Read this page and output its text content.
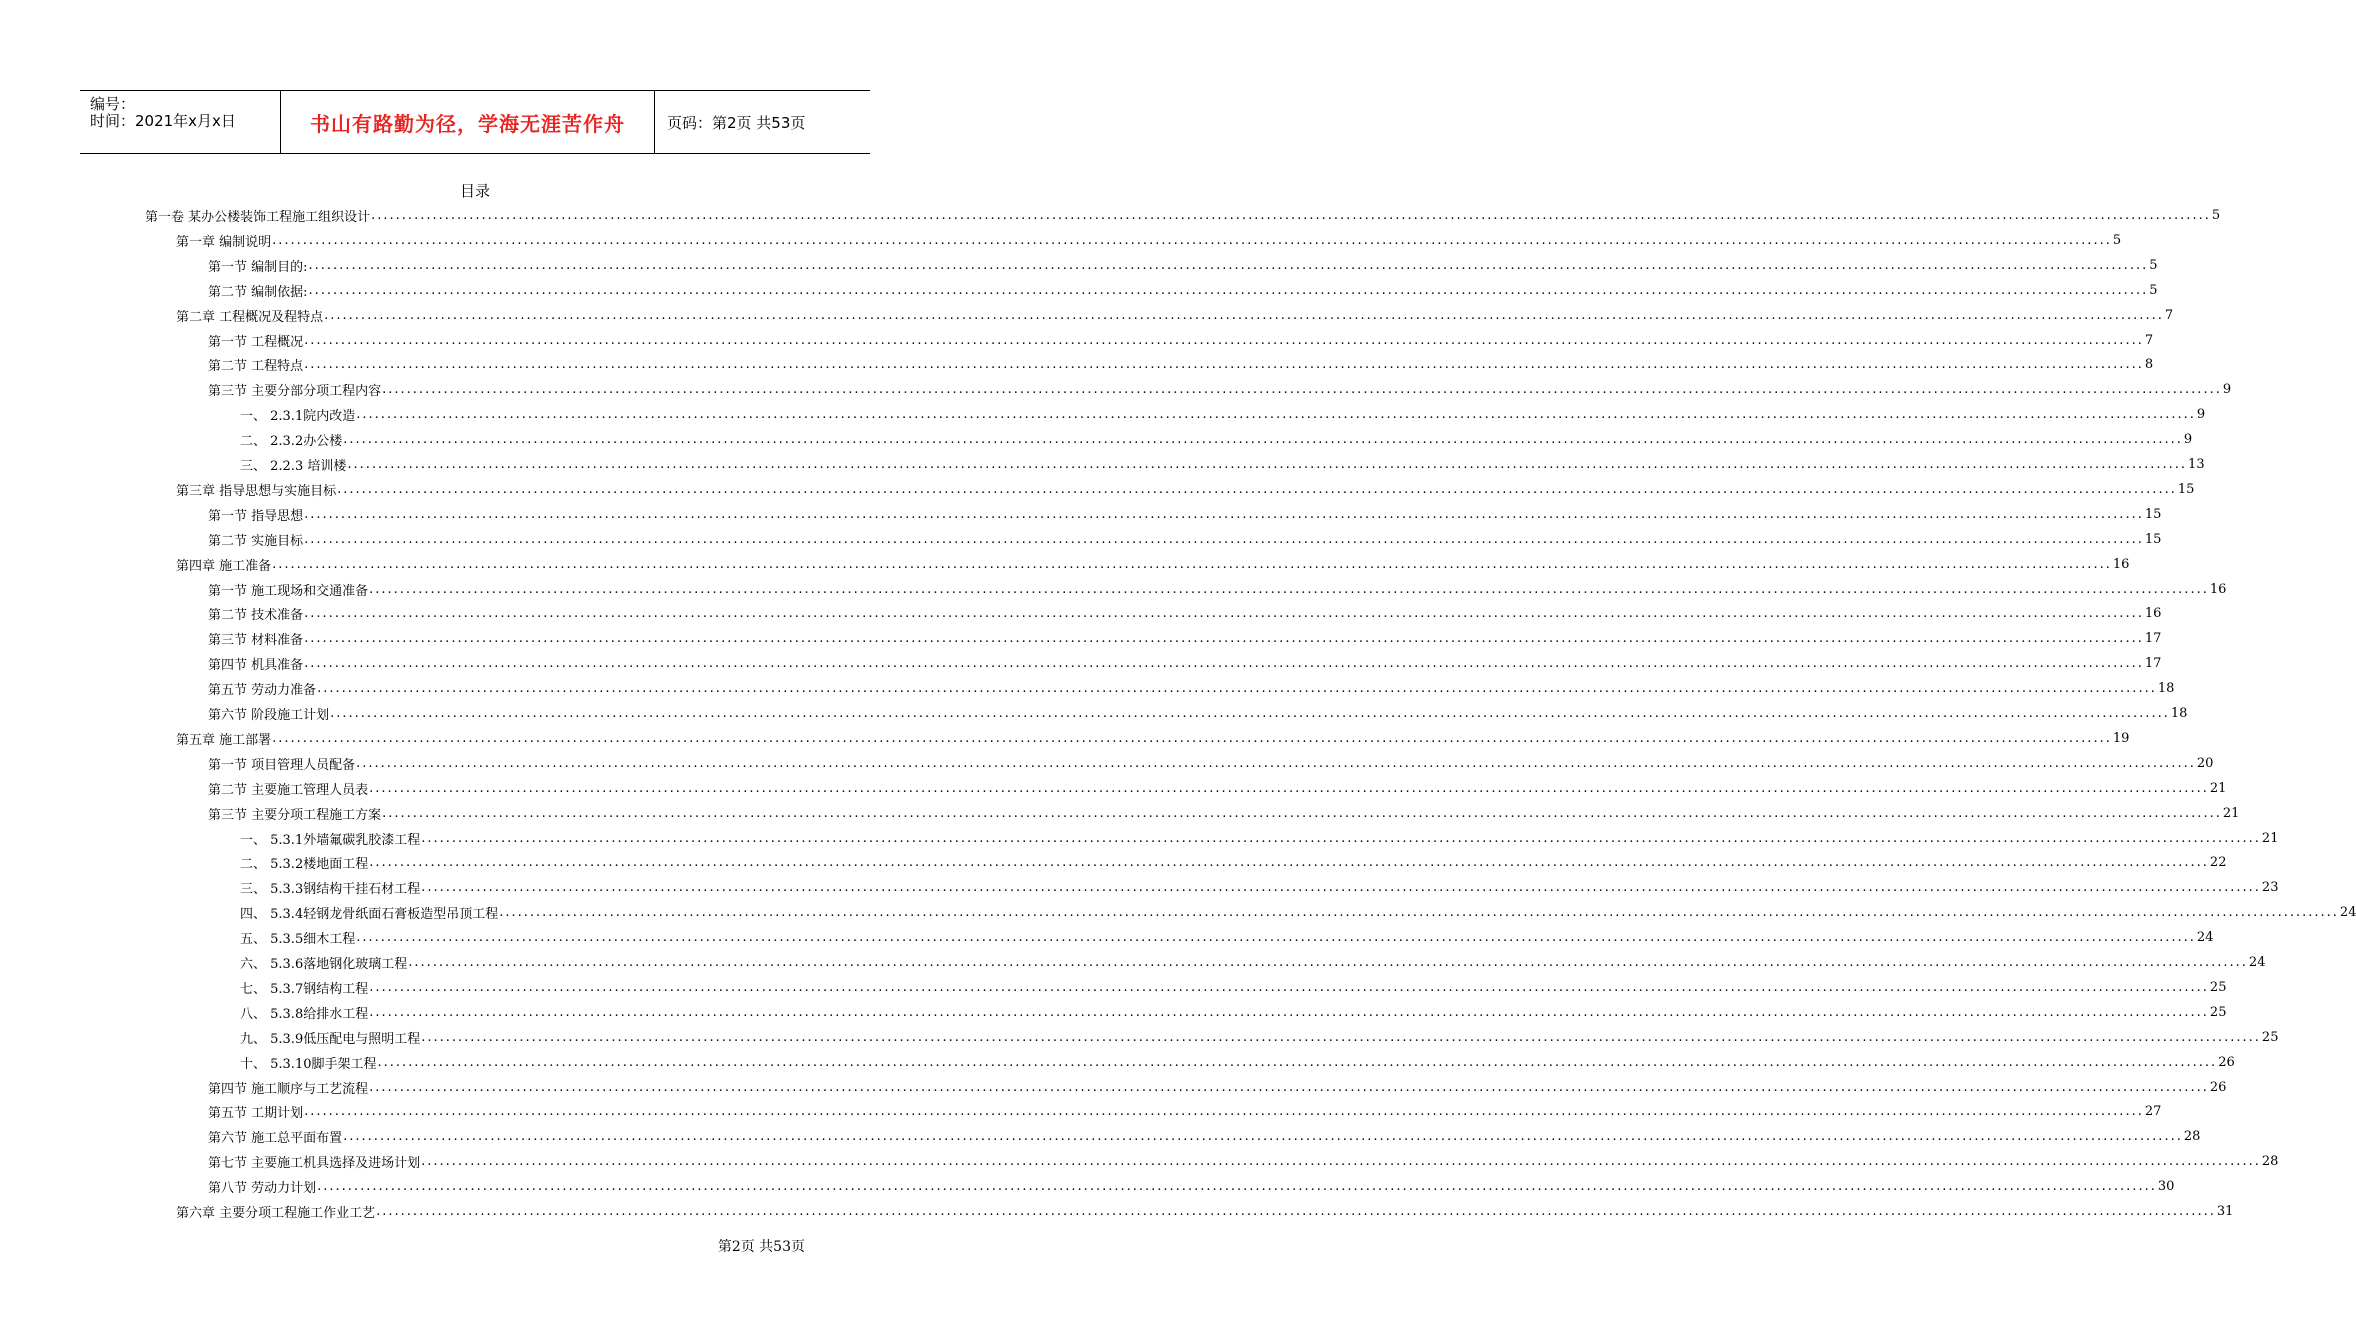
编号：
时间：2021年x月x日	书山有路勤为径，学海无涯苦作舟	页码：第2页 共53页
目录
第一卷 某办公楼装饰工程施工组织设计 ............................................................................................................................................................................................................................................................................................................ 5
第一章 编制说明 ............................................................................................................................................................................................................................................................................................................ 5
第一节 编制目的: ............................................................................................................................................................................................................................................................................................................ 5
第二节 编制依据: ............................................................................................................................................................................................................................................................................................................ 5
第二章 工程概况及程特点 ............................................................................................................................................................................................................................................................................................................ 7
第一节 工程概况 ............................................................................................................................................................................................................................................................................................................ 7
第二节 工程特点 ............................................................................................................................................................................................................................................................................................................ 8
第三节 主要分部分项工程内容 ............................................................................................................................................................................................................................................................................................................ 9
一、 2.3.1院内改造 ............................................................................................................................................................................................................................................................................................................ 9
二、 2.3.2办公楼 ............................................................................................................................................................................................................................................................................................................ 9
三、 2.2.3 培训楼 ............................................................................................................................................................................................................................................................................................................ 13
第三章 指导思想与实施目标 ............................................................................................................................................................................................................................................................................................................ 15
第一节 指导思想 ............................................................................................................................................................................................................................................................................................................ 15
第二节 实施目标 ............................................................................................................................................................................................................................................................................................................ 15
第四章 施工准备 ............................................................................................................................................................................................................................................................................................................ 16
第一节 施工现场和交通准备 ............................................................................................................................................................................................................................................................................................................ 16
第二节 技术准备 ............................................................................................................................................................................................................................................................................................................ 16
第三节 材料准备 ............................................................................................................................................................................................................................................................................................................ 17
第四节 机具准备 ............................................................................................................................................................................................................................................................................................................ 17
第五节 劳动力准备 ............................................................................................................................................................................................................................................................................................................ 18
第六节 阶段施工计划 ............................................................................................................................................................................................................................................................................................................ 18
第五章 施工部署 ............................................................................................................................................................................................................................................................................................................ 19
第一节 项目管理人员配备 ............................................................................................................................................................................................................................................................................................................ 20
第二节 主要施工管理人员表 ............................................................................................................................................................................................................................................................................................................ 21
第三节 主要分项工程施工方案 ............................................................................................................................................................................................................................................................................................................ 21
一、 5.3.1外墙氟碳乳胶漆工程 ............................................................................................................................................................................................................................................................................................................ 21
二、 5.3.2楼地面工程 ............................................................................................................................................................................................................................................................................................................ 22
三、 5.3.3钢结构干挂石材工程 ............................................................................................................................................................................................................................................................................................................ 23
四、 5.3.4轻钢龙骨纸面石膏板造型吊顶工程 ............................................................................................................................................................................................................................................................................................................ 24
五、 5.3.5细木工程 ............................................................................................................................................................................................................................................................................................................ 24
六、 5.3.6落地钢化玻璃工程 ............................................................................................................................................................................................................................................................................................................ 24
七、 5.3.7钢结构工程 ............................................................................................................................................................................................................................................................................................................ 25
八、 5.3.8给排水工程 ............................................................................................................................................................................................................................................................................................................ 25
九、 5.3.9低压配电与照明工程 ............................................................................................................................................................................................................................................................................................................ 25
十、 5.3.10脚手架工程 ............................................................................................................................................................................................................................................................................................................ 26
第四节 施工顺序与工艺流程 ............................................................................................................................................................................................................................................................................................................ 26
第五节 工期计划 ............................................................................................................................................................................................................................................................................................................ 27
第六节 施工总平面布置 ............................................................................................................................................................................................................................................................................................................ 28
第七节 主要施工机具选择及进场计划 ............................................................................................................................................................................................................................................................................................................ 28
第八节 劳动力计划 ............................................................................................................................................................................................................................................................................................................ 30
第六章 主要分项工程施工作业工艺 ............................................................................................................................................................................................................................................................................................................ 31
第2页 共53页
